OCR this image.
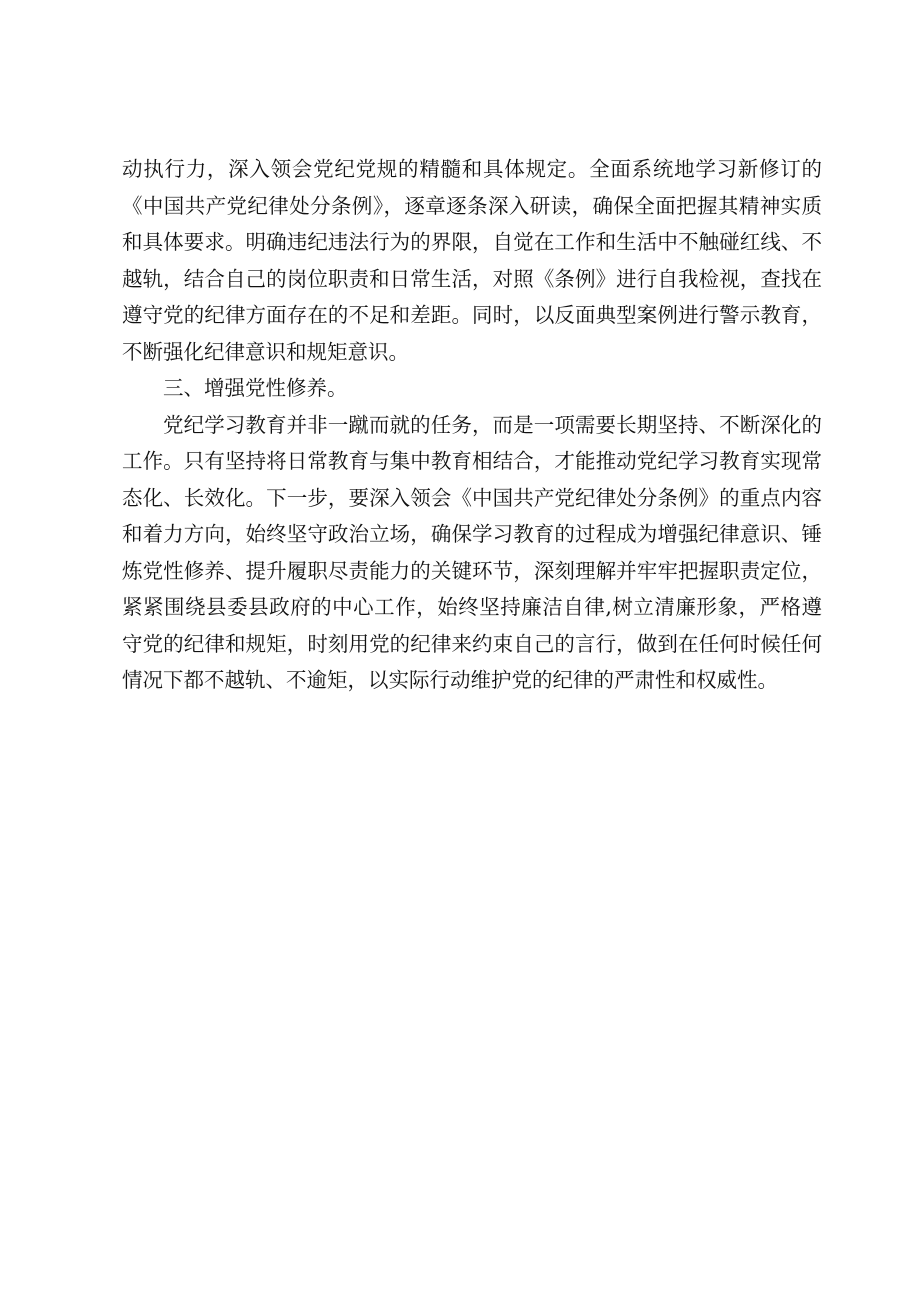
动执行力，深入领会党纪党规的精髓和具体规定。全面系统地学习新修订的《中国共产党纪律处分条例》，逐章逐条深入研读，确保全面把握其精神实质和具体要求。明确违纪违法行为的界限，自觉在工作和生活中不触碰红线、不越轨，结合自己的岗位职责和日常生活，对照《条例》进行自我检视，查找在遵守党的纪律方面存在的不足和差距。同时，以反面典型案例进行警示教育，不断强化纪律意识和规矩意识。

三、增强党性修养。

党纪学习教育并非一蹴而就的任务，而是一项需要长期坚持、不断深化的工作。只有坚持将日常教育与集中教育相结合，才能推动党纪学习教育实现常态化、长效化。下一步，要深入领会《中国共产党纪律处分条例》的重点内容和着力方向，始终坚守政治立场，确保学习教育的过程成为增强纪律意识、锤炼党性修养、提升履职尽责能力的关键环节，深刻理解并牢牢把握职责定位，紧紧围绕县委县政府的中心工作，始终坚持廉洁自律,树立清廉形象，严格遵守党的纪律和规矩，时刻用党的纪律来约束自己的言行，做到在任何时候任何情况下都不越轨、不逾矩，以实际行动维护党的纪律的严肃性和权威性。
